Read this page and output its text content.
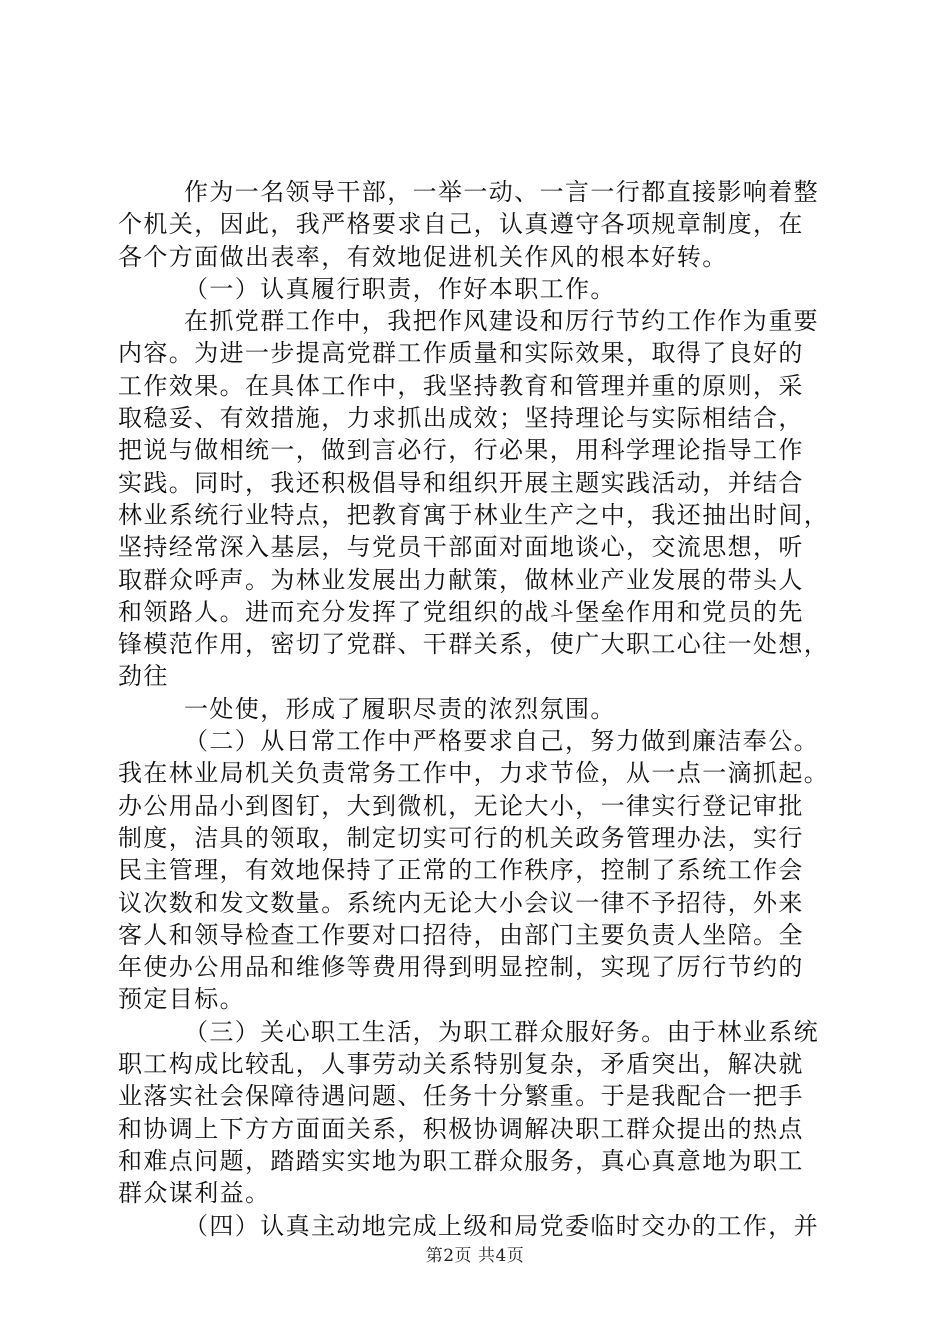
作为一名领导干部，一举一动、一言一行都直接影响着整
个机关，因此，我严格要求自己，认真遵守各项规章制度，在
各个方面做出表率，有效地促进机关作风的根本好转。
（一）认真履行职责，作好本职工作。
在抓党群工作中，我把作风建设和厉行节约工作作为重要
内容。为进一步提高党群工作质量和实际效果，取得了良好的
工作效果。在具体工作中，我坚持教育和管理并重的原则，采
取稳妥、有效措施，力求抓出成效；坚持理论与实际相结合，
把说与做相统一，做到言必行，行必果，用科学理论指导工作
实践。同时，我还积极倡导和组织开展主题实践活动，并结合
林业系统行业特点，把教育寓于林业生产之中，我还抽出时间，
坚持经常深入基层，与党员干部面对面地谈心，交流思想，听
取群众呼声。为林业发展出力献策，做林业产业发展的带头人
和领路人。进而充分发挥了党组织的战斗堡垒作用和党员的先
锋模范作用，密切了党群、干群关系，使广大职工心往一处想，
劲往
一处使，形成了履职尽责的浓烈氛围。
（二）从日常工作中严格要求自己，努力做到廉洁奉公。
我在林业局机关负责常务工作中，力求节俭，从一点一滴抓起。
办公用品小到图钉，大到微机，无论大小，一律实行登记审批
制度，洁具的领取，制定切实可行的机关政务管理办法，实行
民主管理，有效地保持了正常的工作秩序，控制了系统工作会
议次数和发文数量。系统内无论大小会议一律不予招待，外来
客人和领导检查工作要对口招待，由部门主要负责人坐陪。全
年使办公用品和维修等费用得到明显控制，实现了厉行节约的
预定目标。
（三）关心职工生活，为职工群众服好务。由于林业系统
职工构成比较乱，人事劳动关系特别复杂，矛盾突出，解决就
业落实社会保障待遇问题、任务十分繁重。于是我配合一把手
和协调上下方方面面关系，积极协调解决职工群众提出的热点
和难点问题，踏踏实实地为职工群众服务，真心真意地为职工
群众谋利益。
（四）认真主动地完成上级和局党委临时交办的工作，并
第2页 共4页
